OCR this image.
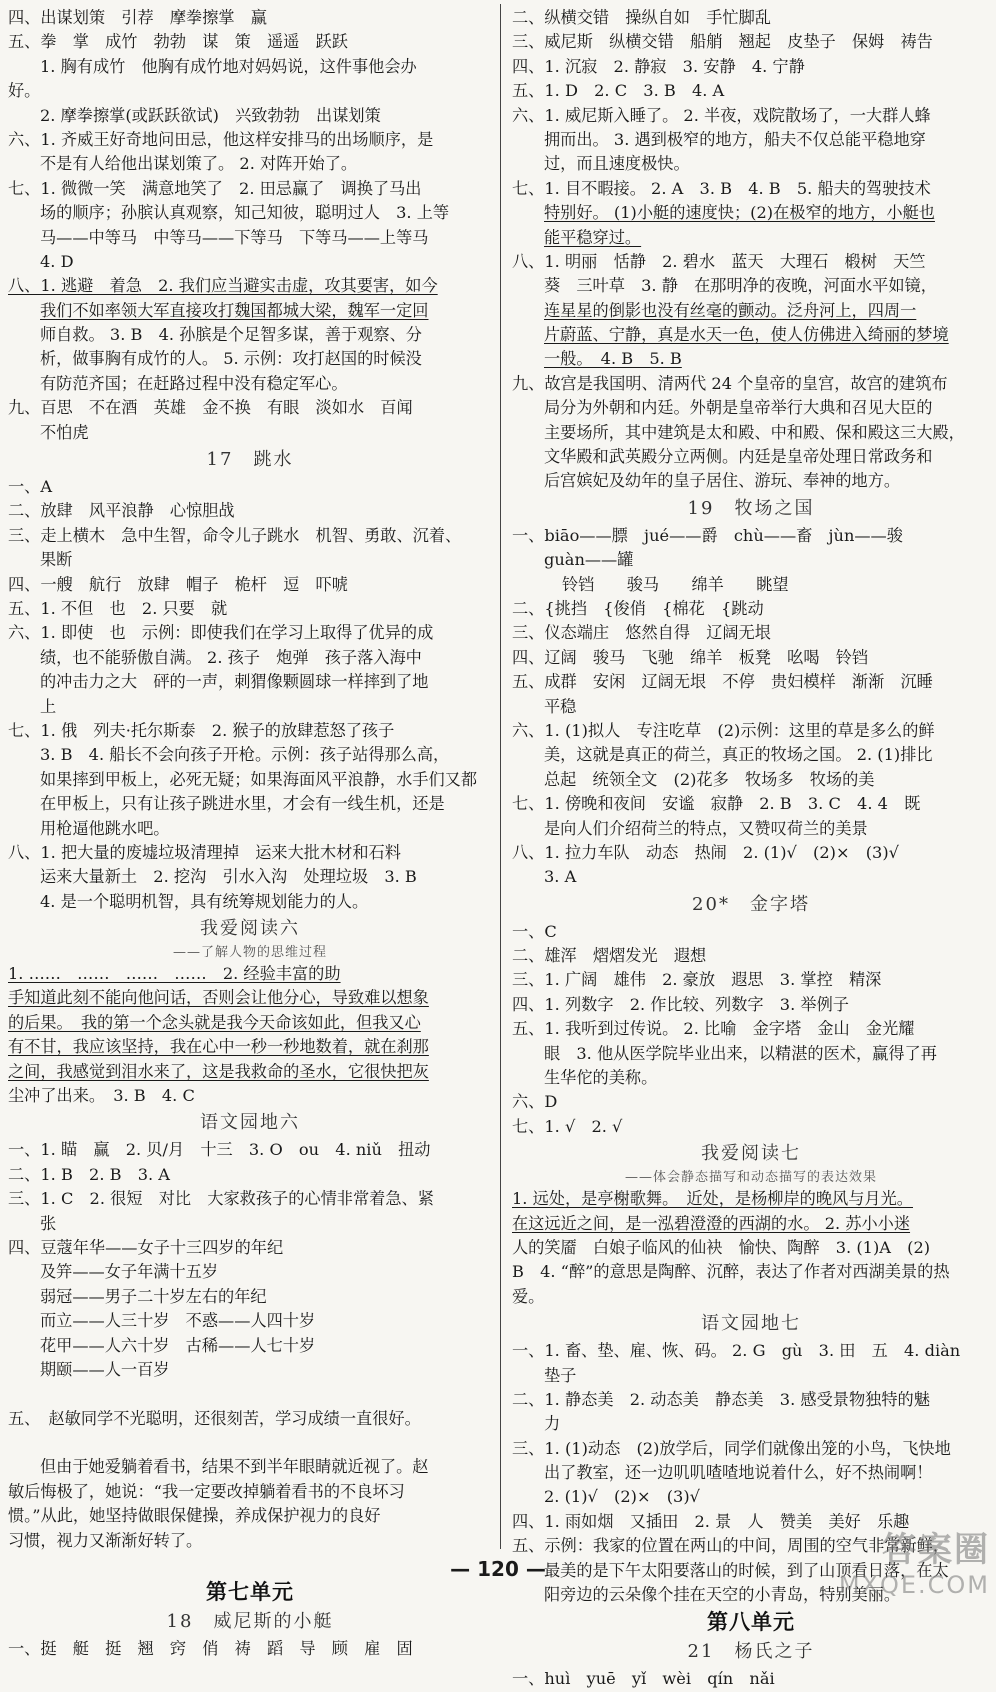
四、出谋划策　引荐　摩拳擦掌　赢
五、拳　掌　成竹　勃勃　谋　策　遥遥　跃跃
1. 胸有成竹　他胸有成竹地对妈妈说，这件事他会办
好。
2. 摩拳擦掌(或跃跃欲试)　兴致勃勃　出谋划策
六、1. 齐威王好奇地问田忌，他这样安排马的出场顺序，是
不是有人给他出谋划策了。 2. 对阵开始了。
七、1. 微微一笑　满意地笑了　2. 田忌赢了　调换了马出
场的顺序；孙膑认真观察，知己知彼，聪明过人　3. 上等
马——中等马　中等马——下等马　下等马——上等马
4. D
八、1. 逃避　着急　2. 我们应当避实击虚，攻其要害，如今
我们不如率领大军直接攻打魏国都城大梁，魏军一定回
师自救。 3. B　4. 孙膑是个足智多谋，善于观察、分
析，做事胸有成竹的人。 5. 示例：攻打赵国的时候没
有防范齐国；在赶路过程中没有稳定军心。
九、百思　不在酒　英雄　金不换　有眼　淡如水　百闻
不怕虎
17　跳水
一、A
二、放肆　风平浪静　心惊胆战
三、走上横木　急中生智，命令儿子跳水　机智、勇敢、沉着、
果断
四、一艘　航行　放肆　帽子　桅杆　逗　吓唬
五、1. 不但　也　2. 只要　就
六、1. 即使　也　示例：即使我们在学习上取得了优异的成
绩，也不能骄傲自满。 2. 孩子　炮弹　孩子落入海中
的冲击力之大　砰的一声，刺猬像颗圆球一样摔到了地
上
七、1. 俄　列夫·托尔斯泰　2. 猴子的放肆惹怒了孩子
3. B　4. 船长不会向孩子开枪。示例：孩子站得那么高，
如果摔到甲板上，必死无疑；如果海面风平浪静，水手们又都
在甲板上，只有让孩子跳进水里，才会有一线生机，还是
用枪逼他跳水吧。
八、1. 把大量的废墟垃圾清理掉　运来大批木材和石料
运来大量新土　2. 挖沟　引水入沟　处理垃圾　3. B
4. 是一个聪明机智，具有统筹规划能力的人。
我爱阅读六
——了解人物的思维过程
1. ……　……　……　……　2. 经验丰富的助
手知道此刻不能向他问话，否则会让他分心，导致难以想象
的后果。　我的第一个念头就是我今天命该如此，但我又心
有不甘，我应该坚持，我在心中一秒一秒地数着，就在刹那
之间，我感觉到泪水来了，这是我救命的圣水，它很快把灰
尘冲了出来。　3. B　4. C
语文园地六
一、1. 瞄　赢　2. 贝/月　十三　3. O　ou　4. niǔ　扭动
二、1. B　2. B　3. A
三、1. C　2. 很短　对比　大家救孩子的心情非常着急、紧
张
四、豆蔻年华——女子十三四岁的年纪
及笄——女子年满十五岁
弱冠——男子二十岁左右的年纪
而立——人三十岁　不惑——人四十岁
花甲——人六十岁　古稀——人七十岁
期颐——人一百岁
五、　赵敏同学不光聪明，还很刻苦，学习成绩一直很好。
但由于她爱躺着看书，结果不到半年眼睛就近视了。赵
敏后悔极了，她说：“我一定要改掉躺着看书的不良坏习
惯。”从此，她坚持做眼保健操，养成保护视力的良好
习惯，视力又渐渐好转了。
第七单元
18　威尼斯的小艇
一、挺　艇　挺　翘　窍　俏　祷　蹈　导　顾　雇　固
二、纵横交错　操纵自如　手忙脚乱
三、威尼斯　纵横交错　船艄　翘起　皮垫子　保姆　祷告
四、1. 沉寂　2. 静寂　3. 安静　4. 宁静
五、1. D　2. C　3. B　4. A
六、1. 威尼斯入睡了。 2. 半夜，戏院散场了，一大群人蜂
拥而出。 3. 遇到极窄的地方，船夫不仅总能平稳地穿
过，而且速度极快。
七、1. 目不暇接。 2. A　3. B　4. B　5. 船夫的驾驶技术
特别好。 (1)小艇的速度快；(2)在极窄的地方，小艇也
能平稳穿过。
八、1. 明丽　恬静　2. 碧水　蓝天　大理石　椴树　天竺
葵　三叶草　3. 静　在那明净的夜晚，河面水平如镜，
连星星的倒影也没有丝毫的颤动。泛舟河上，四周一
片蔚蓝、宁静，真是水天一色，使人仿佛进入绮丽的梦境
一般。　4. B　5. B
九、故宫是我国明、清两代 24 个皇帝的皇宫，故宫的建筑布
局分为外朝和内廷。外朝是皇帝举行大典和召见大臣的
主要场所，其中建筑是太和殿、中和殿、保和殿这三大殿，
文华殿和武英殿分立两侧。内廷是皇帝处理日常政务和
后宫嫔妃及幼年的皇子居住、游玩、奉神的地方。
19　牧场之国
一、biāo——膘　jué——爵　chù——畜　jùn——骏
guàn——罐
铃铛　　骏马　　绵羊　　眺望
二、{挑挡　{俊俏　{棉花　{跳动
三、仪态端庄　悠然自得　辽阔无垠
四、辽阔　骏马　飞驰　绵羊　板凳　吆喝　铃铛
五、成群　安闲　辽阔无垠　不停　贵妇模样　渐渐　沉睡
平稳
六、1. (1)拟人　专注吃草　(2)示例：这里的草是多么的鲜
美，这就是真正的荷兰，真正的牧场之国。 2. (1)排比
总起　统领全文　(2)花多　牧场多　牧场的美
七、1. 傍晚和夜间　安谧　寂静　2. B　3. C　4. 4　既
是向人们介绍荷兰的特点，又赞叹荷兰的美景
八、1. 拉力车队　动态　热闹　2. (1)√　(2)×　(3)√
3. A
20*　金字塔
一、C
二、雄浑　熠熠发光　遐想
三、1. 广阔　雄伟　2. 豪放　遐思　3. 掌控　精深
四、1. 列数字　2. 作比较、列数字　3. 举例子
五、1. 我听到过传说。 2. 比喻　金字塔　金山　金光耀
眼　3. 他从医学院毕业出来，以精湛的医术，赢得了再
生华佗的美称。
六、D
七、1. √　2. √
我爱阅读七
——体会静态描写和动态描写的表达效果
1. 远处，是亭榭歌舞。　近处，是杨柳岸的晚风与月光。
在这远近之间，是一泓碧澄澄的西湖的水。 2. 苏小小迷
人的笑靥　白娘子临风的仙袂　愉快、陶醉　3. (1)A　(2)
B　4. “醉”的意思是陶醉、沉醉，表达了作者对西湖美景的热
爱。
语文园地七
一、1. 畜、垫、雇、恢、码。 2. G　gù　3. 田　五　4. diàn
垫子
二、1. 静态美　2. 动态美　静态美　3. 感受景物独特的魅
力
三、1. (1)动态　(2)放学后，同学们就像出笼的小鸟，飞快地
出了教室，还一边叽叽喳喳地说着什么，好不热闹啊！
2. (1)√　(2)×　(3)√
四、1. 雨如烟　又插田　2. 景　人　赞美　美好　乐趣
五、示例：我家的位置在两山的中间，周围的空气非常新鲜，
最美的是下午太阳要落山的时候，到了山顶看日落，在太
阳旁边的云朵像个挂在天空的小青岛，特别美丽。
第八单元
21　杨氏之子
一、huì　yuē　yǐ　wèi　qín　nǎi
— 120 —	答案圈
MXQE.COM
